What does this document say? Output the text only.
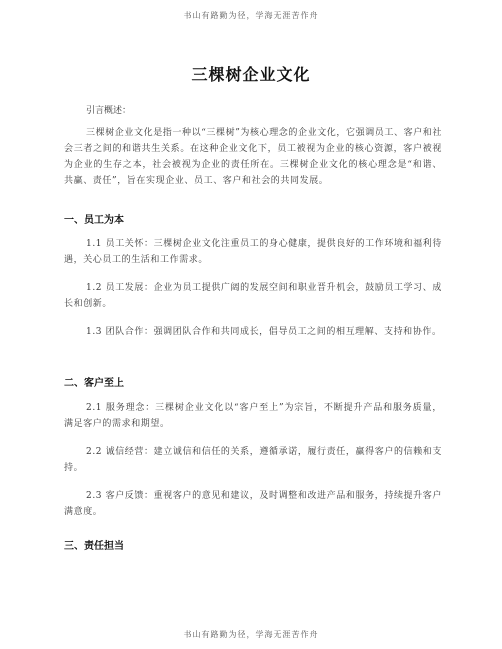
书山有路勤为径，学海无涯苦作舟
三棵树企业文化
引言概述：

三棵树企业文化是指一种以“三棵树”为核心理念的企业文化，它强调员工、客户和社会三者之间的和谐共生关系。在这种企业文化下，员工被视为企业的核心资源，客户被视为企业的生存之本，社会被视为企业的责任所在。三棵树企业文化的核心理念是“和谐、共赢、责任”，旨在实现企业、员工、客户和社会的共同发展。

一、员工为本

1.1 员工关怀：三棵树企业文化注重员工的身心健康，提供良好的工作环境和福利待遇，关心员工的生活和工作需求。

1.2 员工发展：企业为员工提供广阔的发展空间和职业晋升机会，鼓励员工学习、成长和创新。

1.3 团队合作：强调团队合作和共同成长，倡导员工之间的相互理解、支持和协作。

二、客户至上

2.1 服务理念：三棵树企业文化以“客户至上”为宗旨，不断提升产品和服务质量，满足客户的需求和期望。

2.2 诚信经营：建立诚信和信任的关系，遵循承诺，履行责任，赢得客户的信赖和支持。

2.3 客户反馈：重视客户的意见和建议，及时调整和改进产品和服务，持续提升客户满意度。

三、责任担当

书山有路勤为径，学海无涯苦作舟
